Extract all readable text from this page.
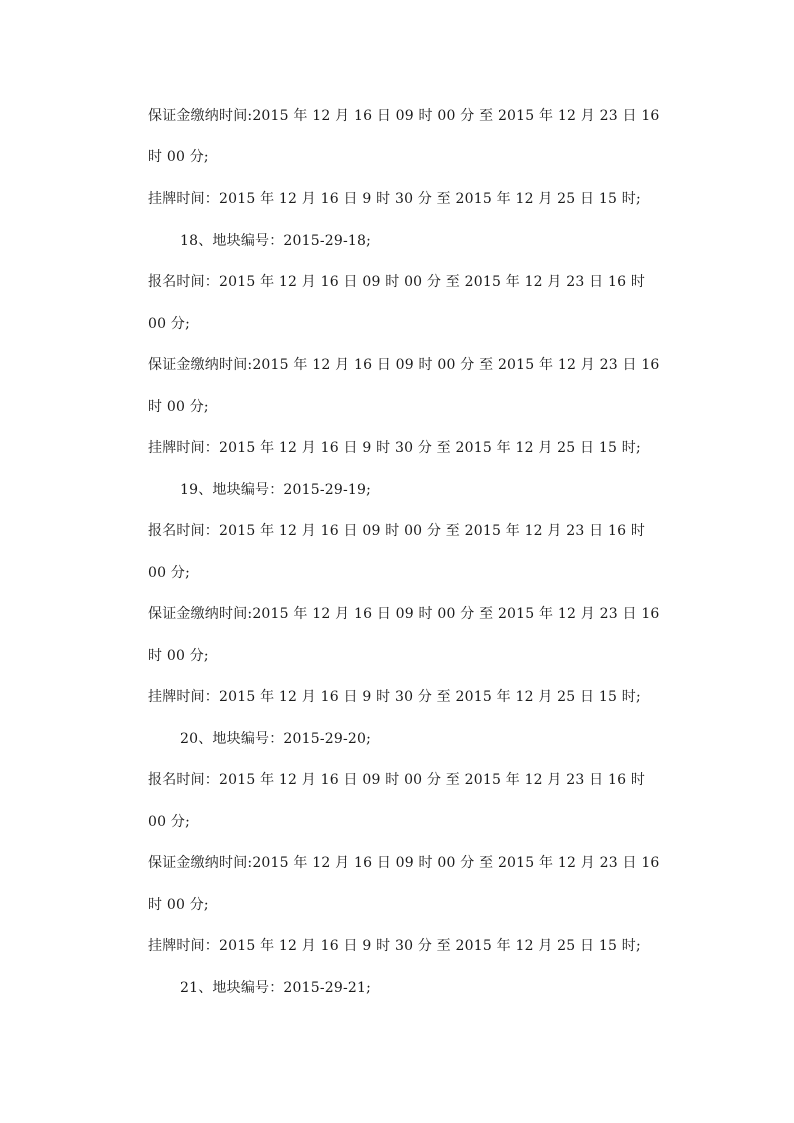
保证金缴纳时间:2015 年 12 月 16 日 09 时 00 分 至 2015 年 12 月 23 日 16
时 00 分;
挂牌时间：2015 年 12 月 16 日 9 时 30 分 至 2015 年 12 月 25 日 15 时;
18、地块编号：2015-29-18;
报名时间：2015 年 12 月 16 日 09 时 00 分 至 2015 年 12 月 23 日 16 时
00 分;
保证金缴纳时间:2015 年 12 月 16 日 09 时 00 分 至 2015 年 12 月 23 日 16
时 00 分;
挂牌时间：2015 年 12 月 16 日 9 时 30 分 至 2015 年 12 月 25 日 15 时;
19、地块编号：2015-29-19;
报名时间：2015 年 12 月 16 日 09 时 00 分 至 2015 年 12 月 23 日 16 时
00 分;
保证金缴纳时间:2015 年 12 月 16 日 09 时 00 分 至 2015 年 12 月 23 日 16
时 00 分;
挂牌时间：2015 年 12 月 16 日 9 时 30 分 至 2015 年 12 月 25 日 15 时;
20、地块编号：2015-29-20;
报名时间：2015 年 12 月 16 日 09 时 00 分 至 2015 年 12 月 23 日 16 时
00 分;
保证金缴纳时间:2015 年 12 月 16 日 09 时 00 分 至 2015 年 12 月 23 日 16
时 00 分;
挂牌时间：2015 年 12 月 16 日 9 时 30 分 至 2015 年 12 月 25 日 15 时;
21、地块编号：2015-29-21;
